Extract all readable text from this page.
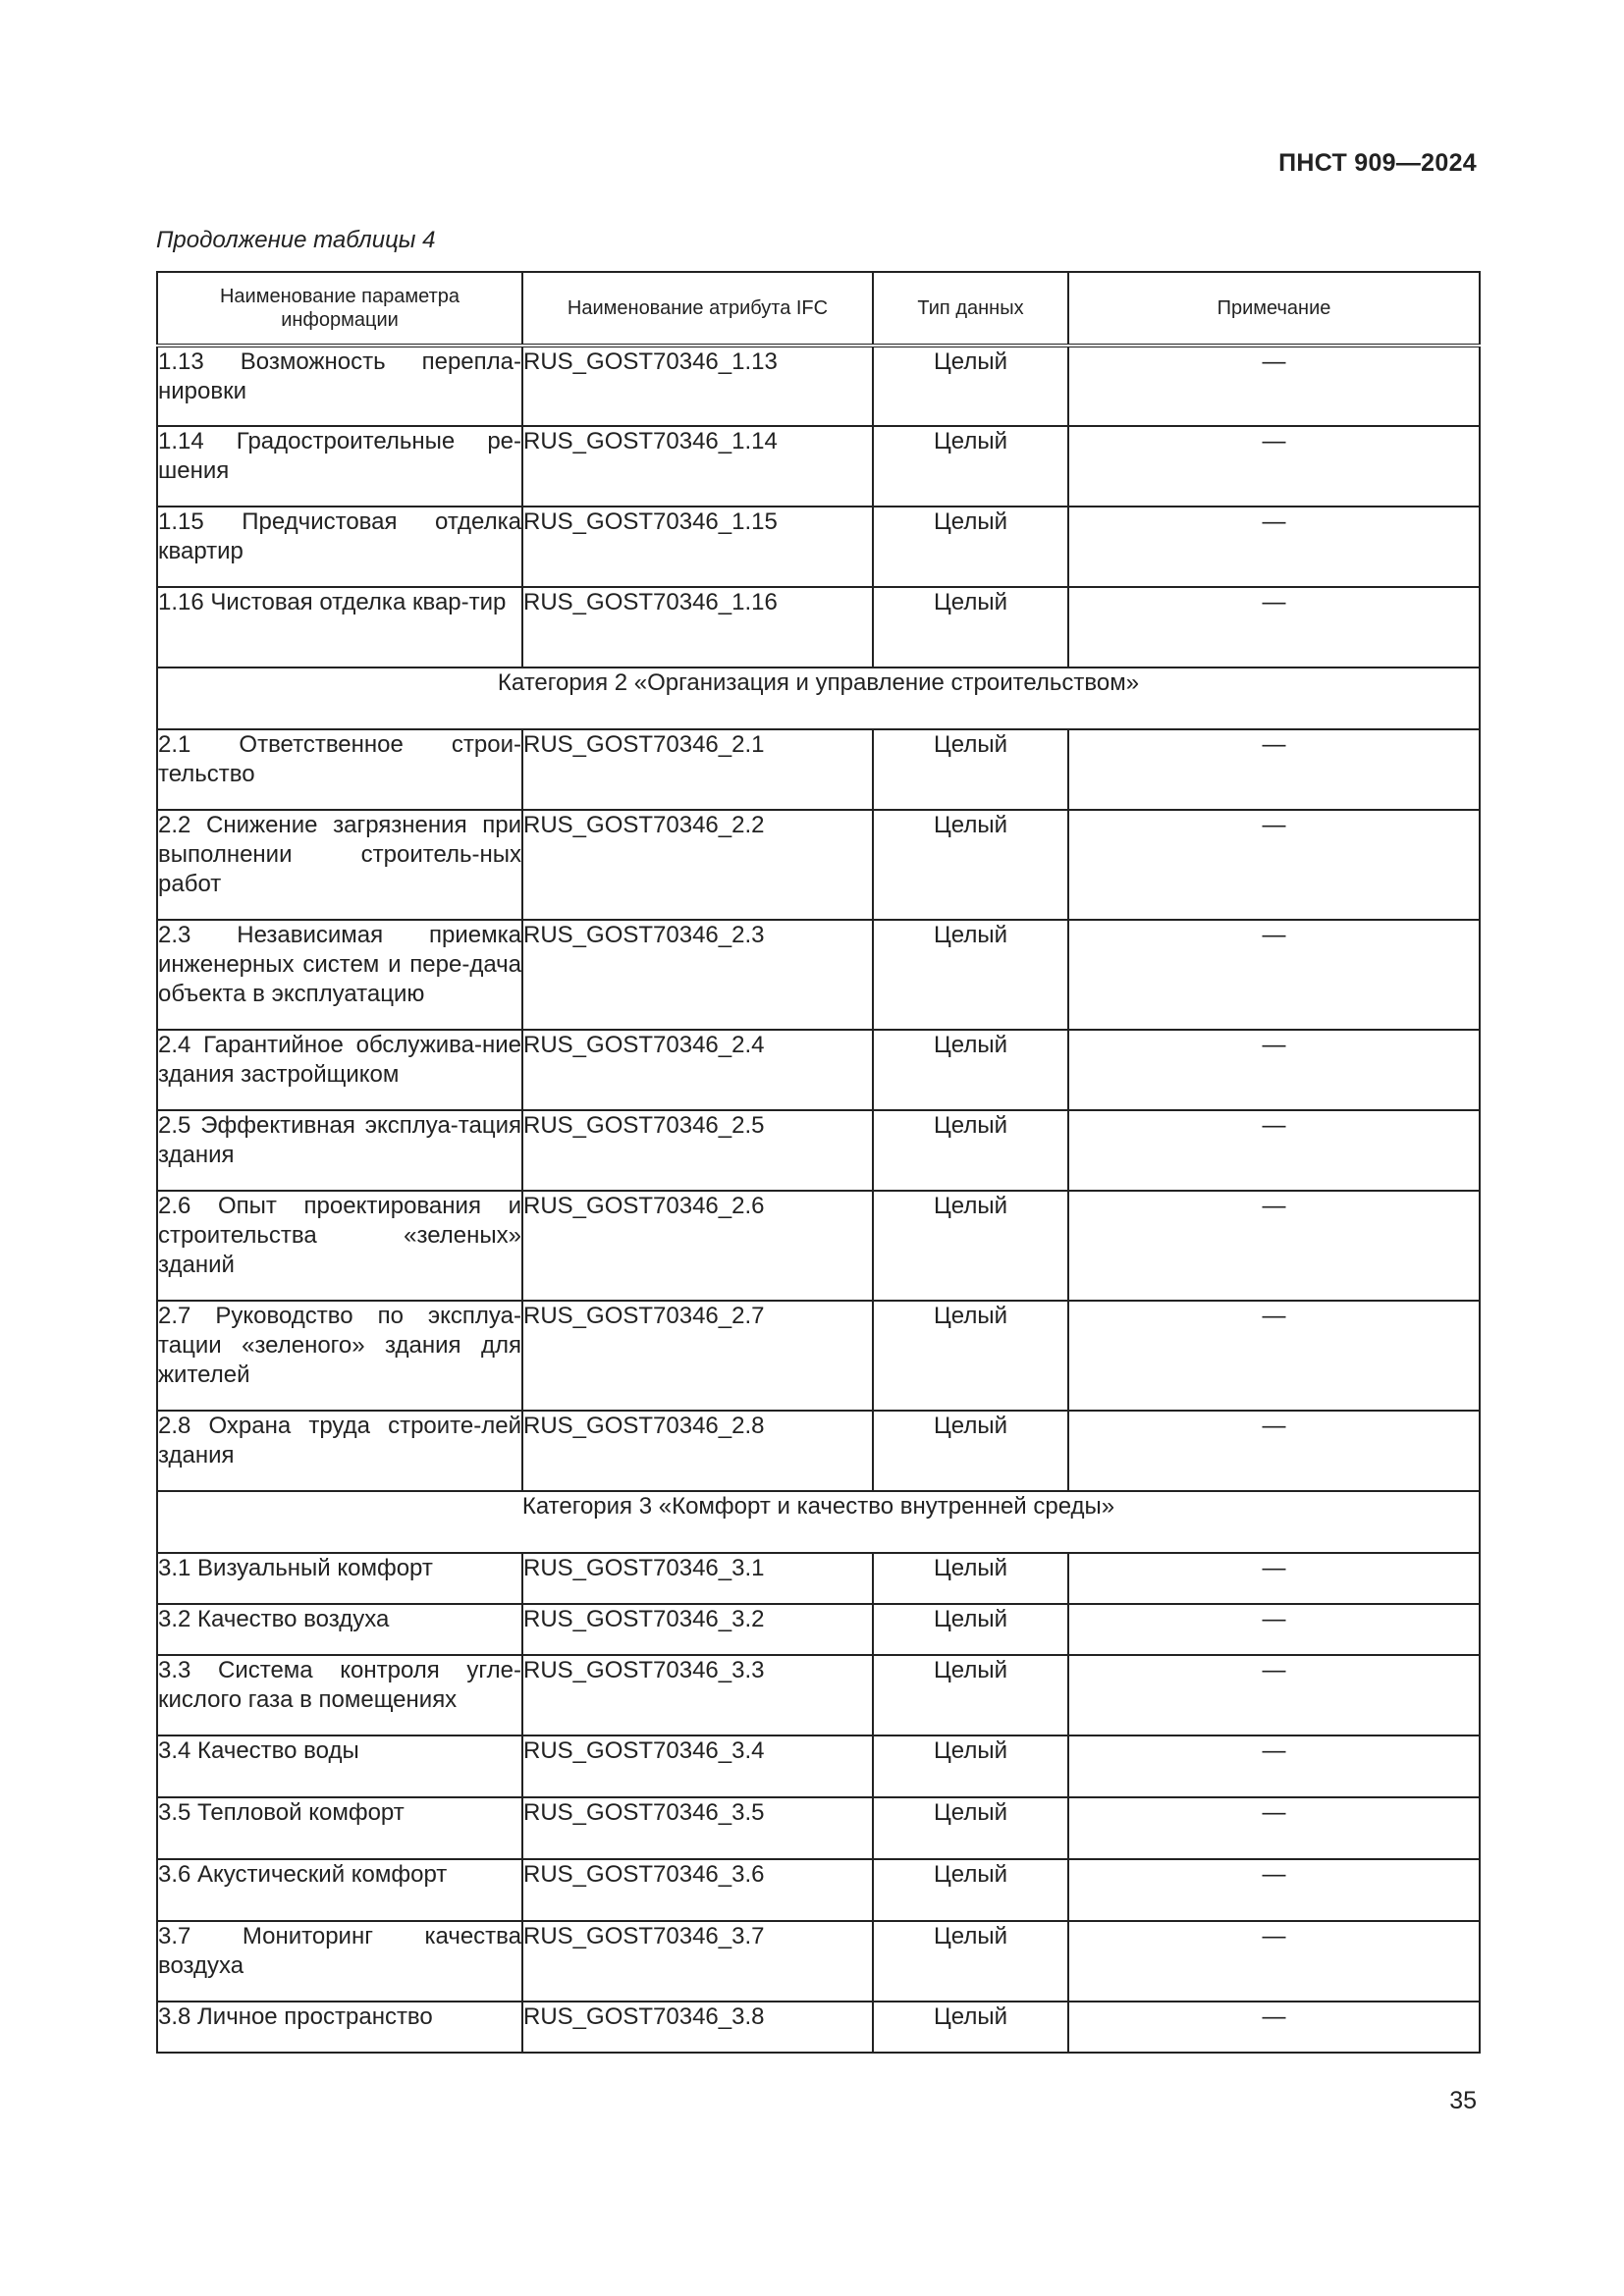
ПНСТ 909—2024
Продолжение таблицы 4
Наименование параметра информации	Наименование атрибута IFC	Тип данных	Примечание
1.13 Возможность перепла-нировки	RUS_GOST70346_1.13	Целый	—
1.14 Градостроительные ре-шения	RUS_GOST70346_1.14	Целый	—
1.15 Предчистовая отделка квартир	RUS_GOST70346_1.15	Целый	—
1.16 Чистовая отделка квар-тир	RUS_GOST70346_1.16	Целый	—
Категория 2 «Организация и управление строительством»			
2.1 Ответственное строи-тельство	RUS_GOST70346_2.1	Целый	—
2.2 Снижение загрязнения при выполнении строитель-ных работ	RUS_GOST70346_2.2	Целый	—
2.3 Независимая приемка инженерных систем и пере-дача объекта в эксплуатацию	RUS_GOST70346_2.3	Целый	—
2.4 Гарантийное обслужива-ние здания застройщиком	RUS_GOST70346_2.4	Целый	—
2.5 Эффективная эксплуа-тация здания	RUS_GOST70346_2.5	Целый	—
2.6 Опыт проектирования и строительства «зеленых» зданий	RUS_GOST70346_2.6	Целый	—
2.7 Руководство по эксплуа-тации «зеленого» здания для жителей	RUS_GOST70346_2.7	Целый	—
2.8 Охрана труда строите-лей здания	RUS_GOST70346_2.8	Целый	—
Категория 3 «Комфорт и качество внутренней среды»			
3.1 Визуальный комфорт	RUS_GOST70346_3.1	Целый	—
3.2 Качество воздуха	RUS_GOST70346_3.2	Целый	—
3.3 Система контроля угле-кислого газа в помещениях	RUS_GOST70346_3.3	Целый	—
3.4 Качество воды	RUS_GOST70346_3.4	Целый	—
3.5 Тепловой комфорт	RUS_GOST70346_3.5	Целый	—
3.6 Акустический комфорт	RUS_GOST70346_3.6	Целый	—
3.7 Мониторинг качества воздуха	RUS_GOST70346_3.7	Целый	—
3.8 Личное пространство	RUS_GOST70346_3.8	Целый	—
35
